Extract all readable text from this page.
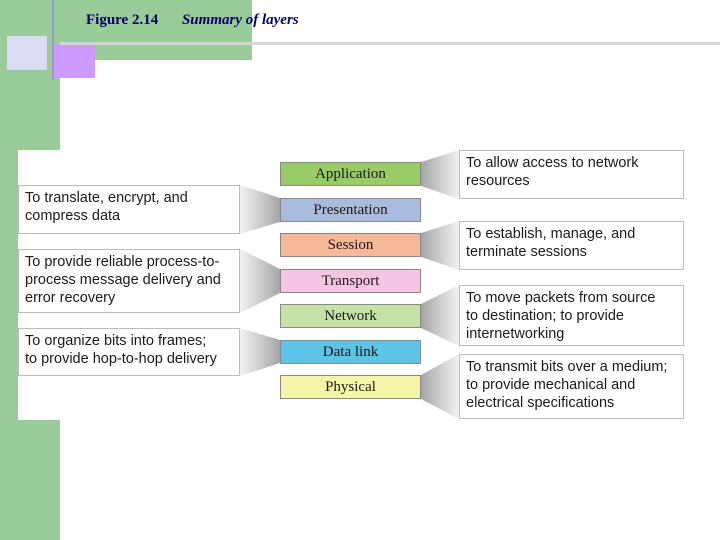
Figure 2.14 Summary of layers
Application
Presentation
Session
Transport
Network
Data link
Physical
To translate, encrypt, and
compress data
To provide reliable process-to-
process message delivery and
error recovery
To organize bits into frames;
to provide hop-to-hop delivery
To allow access to network
resources
To establish, manage, and
terminate sessions
To move packets from source
to destination; to provide
internetworking
To transmit bits over a medium;
to provide mechanical and
electrical specifications
